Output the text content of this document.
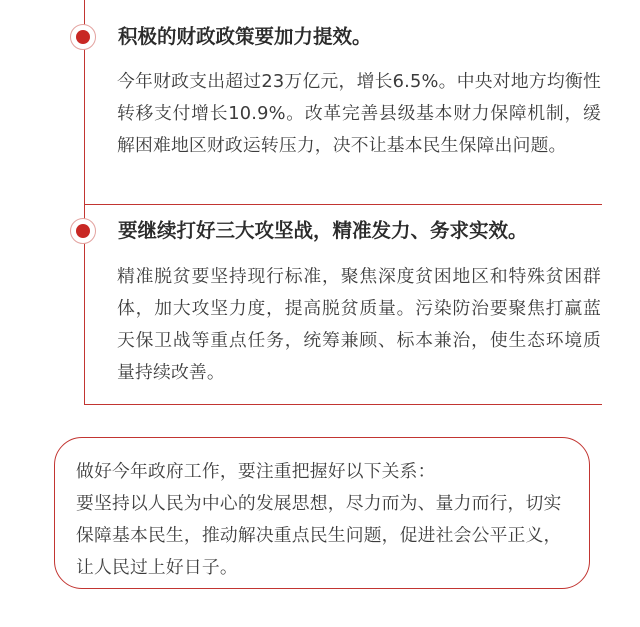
积极的财政政策要加力提效。

今年财政支出超过23万亿元，增长6.5%。中央对地方均衡性转移支付增长10.9%。改革完善县级基本财力保障机制，缓解困难地区财政运转压力，决不让基本民生保障出问题。

要继续打好三大攻坚战，精准发力、务求实效。

精准脱贫要坚持现行标准，聚焦深度贫困地区和特殊贫困群体，加大攻坚力度，提高脱贫质量。污染防治要聚焦打赢蓝天保卫战等重点任务，统筹兼顾、标本兼治，使生态环境质量持续改善。

做好今年政府工作，要注重把握好以下关系：

要坚持以人民为中心的发展思想，尽力而为、量力而行，切实保障基本民生，推动解决重点民生问题，促进社会公平正义，让人民过上好日子。
